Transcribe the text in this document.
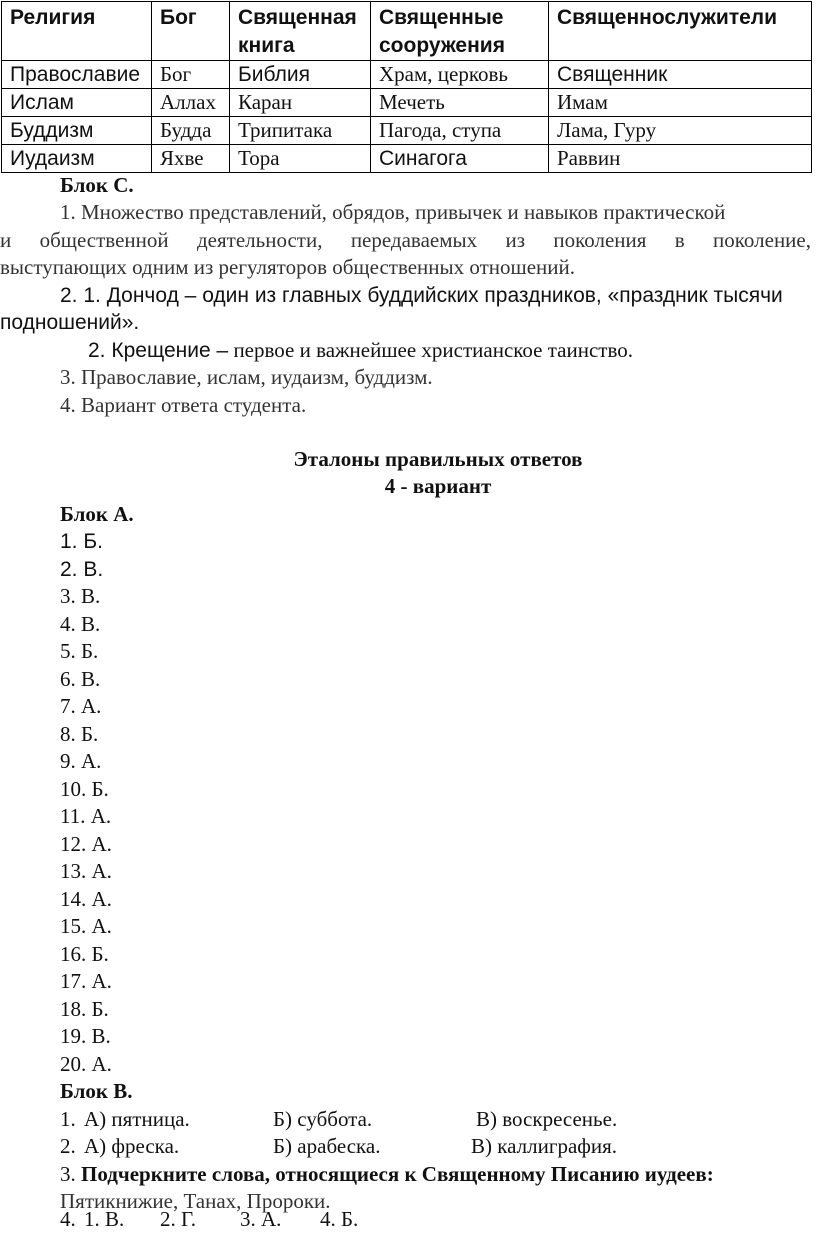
Религия	Бог	Священная книга	Священные сооружения	Священнослужители
Православие	Бог	Библия	Храм, церковь	Священник
Ислам	Аллах	Каран	Мечеть	Имам
Буддизм	Будда	Трипитака	Пагода, ступа	Лама, Гуру
Иудаизм	Яхве	Тора	Синагога	Раввин
Блок С.
1. Множество представлений, обрядов, привычек и навыков практической
и общественной деятельности, передаваемых из поколения в поколение,
выступающих одним из регуляторов общественных отношений.
2. 1. Дончод – один из главных буддийских праздников, «праздник тысячи
подношений».
2. Крещение – первое и важнейшее христианское таинство.
3. Православие, ислам, иудаизм, буддизм.
4. Вариант ответа студента.
Эталоны правильных ответов
4 - вариант
Блок А.
1. Б.
2. В.
3. В.
4. В.
5. Б.
6. В.
7. А.
8. Б.
9. А.
10. Б.
11. А.
12. А.
13. А.
14. А.
15. А.
16. Б.
17. А.
18. Б.
19. В.
20. А.
Блок В.
1. А) пятница.	Б) суббота.	В) воскресенье.
2. А) фреска.	Б) арабеска.	В) каллиграфия.
3. Подчеркните слова, относящиеся к Священному Писанию иудеев:
Пятикнижие, Танах, Пророки.
4. 1. В. 2. Г. 3. А. 4. Б.
